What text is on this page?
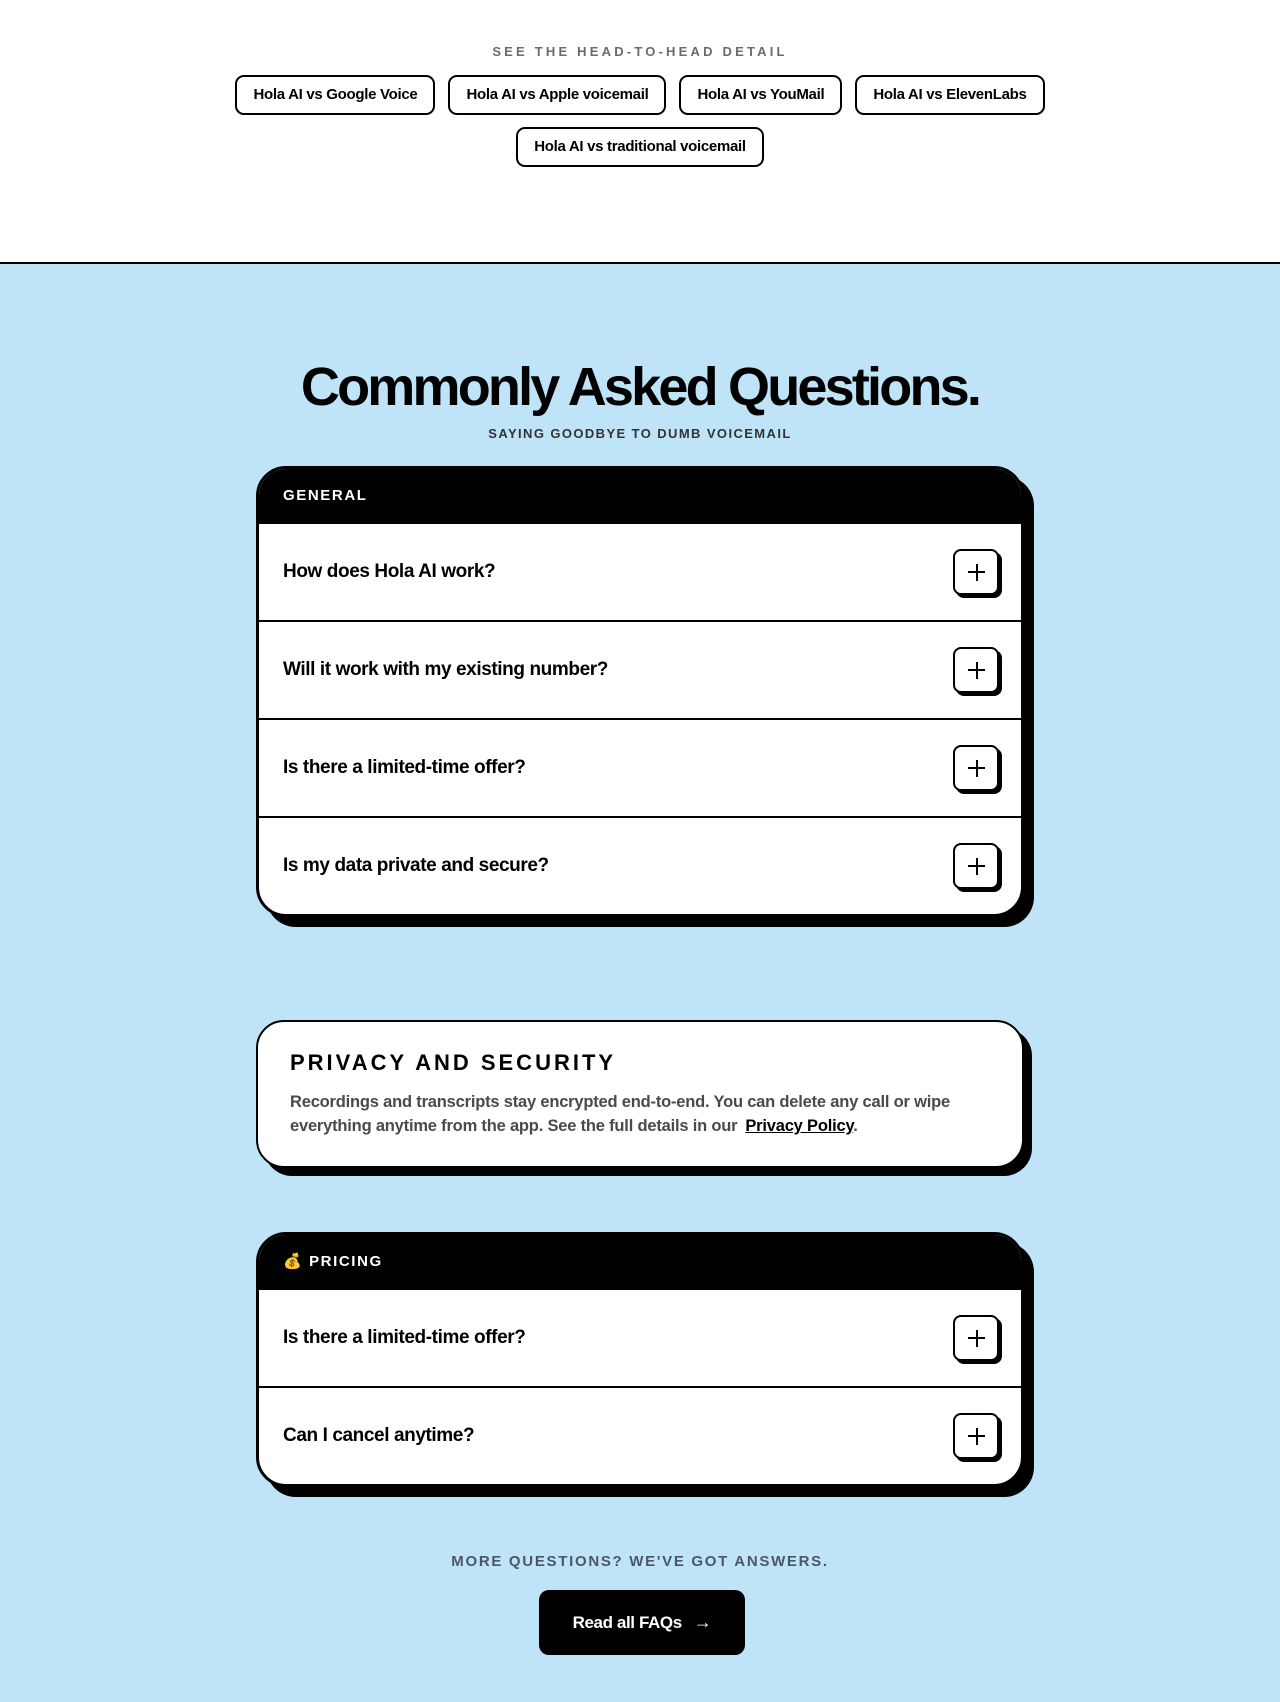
SEE THE HEAD-TO-HEAD DETAIL
Hola AI vs Google Voice	Hola AI vs Apple voicemail	Hola AI vs YouMail	Hola AI vs ElevenLabs
Hola AI vs traditional voicemail
Commonly Asked Questions.
SAYING GOODBYE TO DUMB VOICEMAIL
GENERAL
How does Hola AI work?
Will it work with my existing number?
Is there a limited-time offer?
Is my data private and secure?
PRIVACY AND SECURITY

Recordings and transcripts stay encrypted end-to-end. You can delete any call or wipe everything anytime from the app. See the full details in our Privacy Policy.

💰 PRICING
Is there a limited-time offer?
Can I cancel anytime?
MORE QUESTIONS? WE'VE GOT ANSWERS.
Read all FAQs →
